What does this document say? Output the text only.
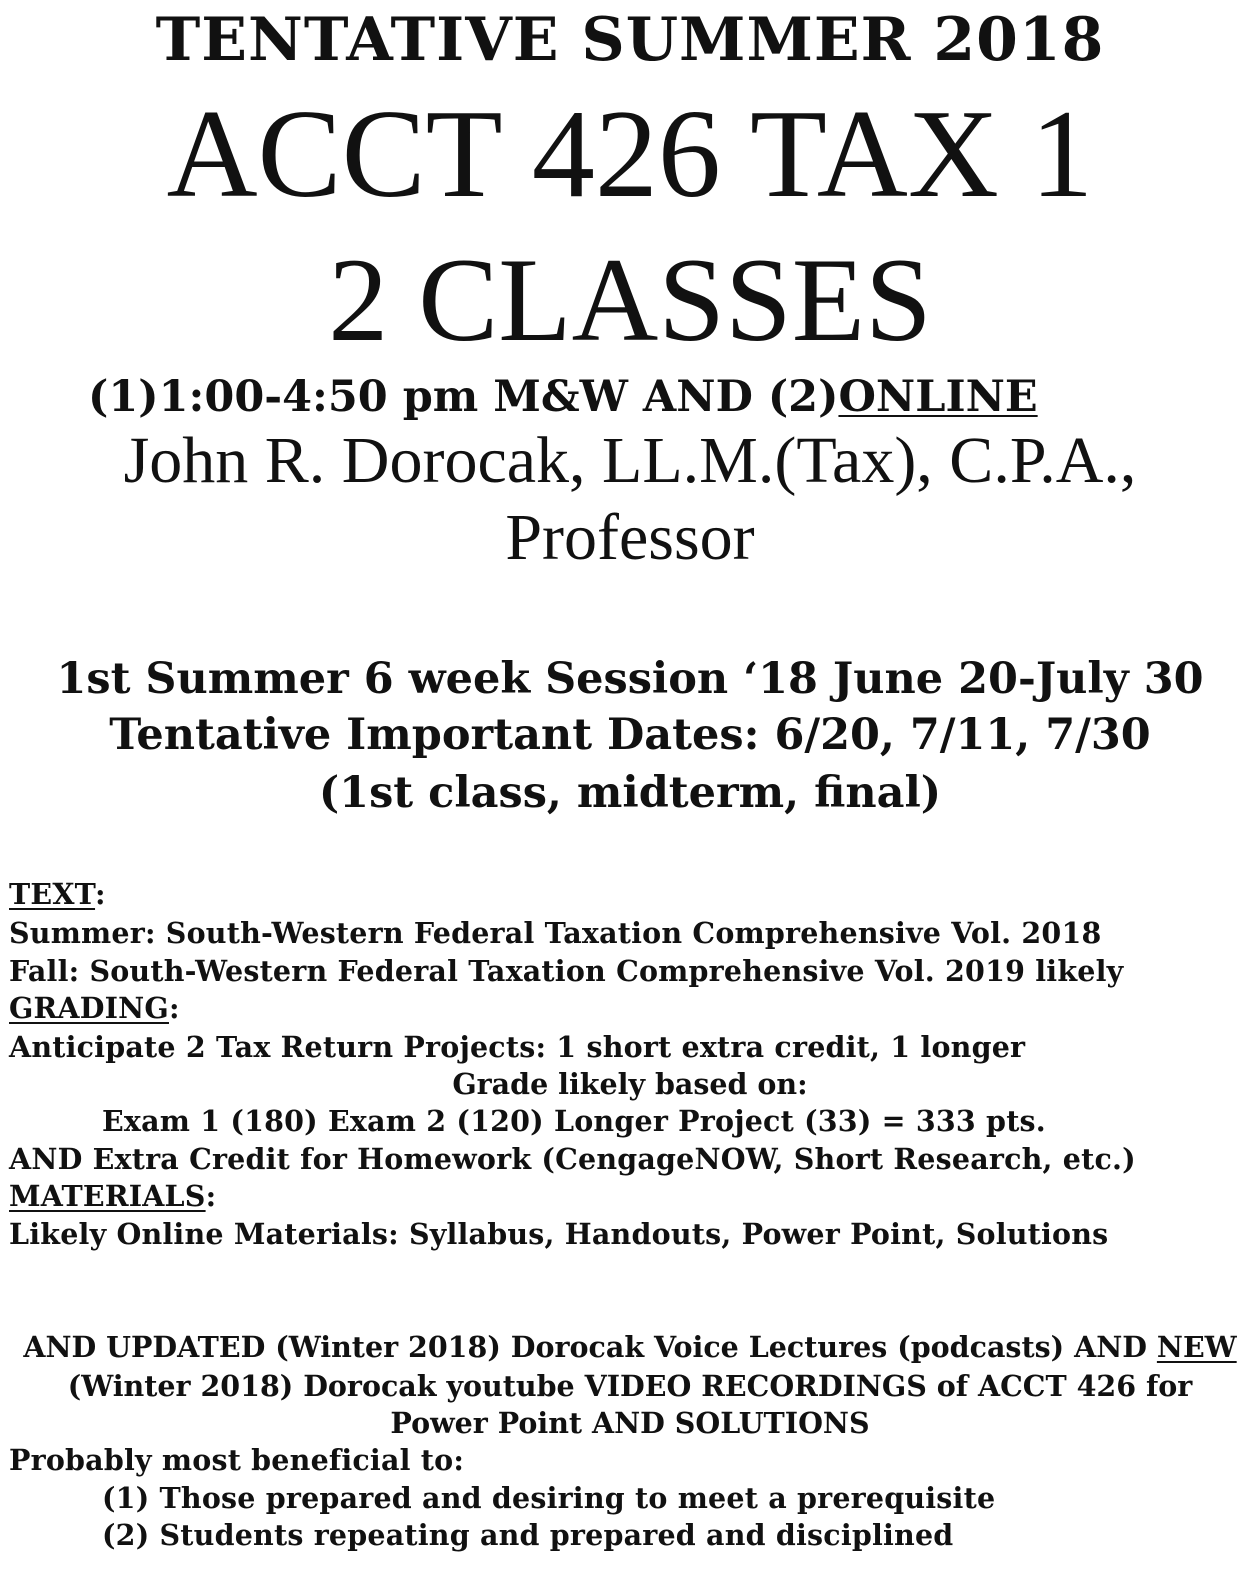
TENTATIVE SUMMER 2018
ACCT 426 TAX 1
2 CLASSES
(1)1:00-4:50 pm M&W AND (2)ONLINE
John R. Dorocak, LL.M.(Tax), C.P.A.,
Professor
1st Summer 6 week Session ‘18 June 20-July 30
Tentative Important Dates: 6/20, 7/11, 7/30
(1st class, midterm, final)
TEXT:
Summer: South-Western Federal Taxation Comprehensive Vol. 2018
Fall: South-Western Federal Taxation Comprehensive Vol. 2019 likely
GRADING:
Anticipate 2 Tax Return Projects: 1 short extra credit, 1 longer
Grade likely based on:
Exam 1 (180) Exam 2 (120) Longer Project (33) = 333 pts.
AND Extra Credit for Homework (CengageNOW, Short Research, etc.)
MATERIALS:
Likely Online Materials: Syllabus, Handouts, Power Point, Solutions
AND UPDATED (Winter 2018) Dorocak Voice Lectures (podcasts) AND NEW
(Winter 2018) Dorocak youtube VIDEO RECORDINGS of ACCT 426 for
Power Point AND SOLUTIONS
Probably most beneficial to:
(1) Those prepared and desiring to meet a prerequisite
(2) Students repeating and prepared and disciplined
